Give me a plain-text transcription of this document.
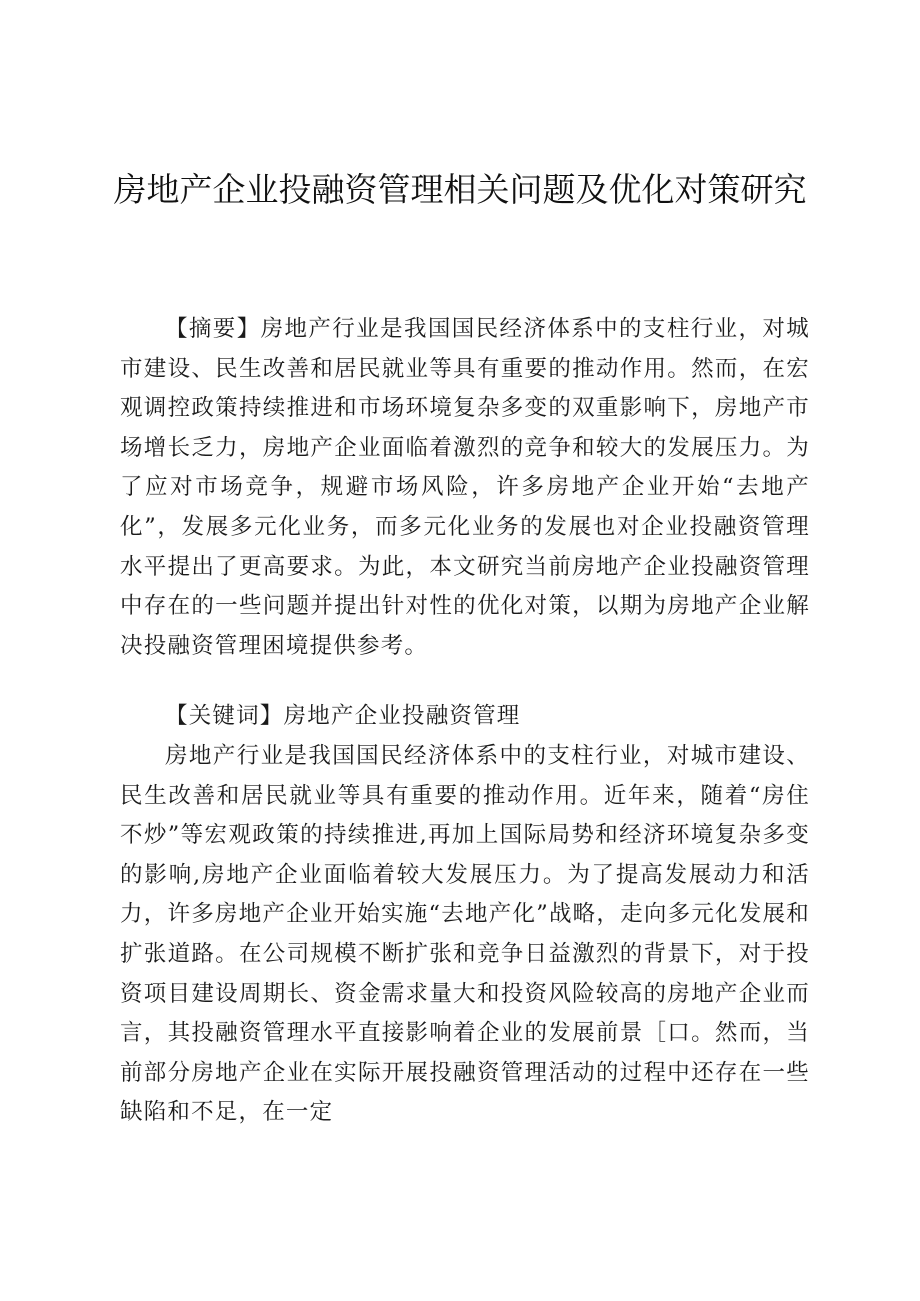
房地产企业投融资管理相关问题及优化对策研究

【摘要】房地产行业是我国国民经济体系中的支柱行业，对城市建设、民生改善和居民就业等具有重要的推动作用。然而，在宏观调控政策持续推进和市场环境复杂多变的双重影响下，房地产市场增长乏力，房地产企业面临着激烈的竞争和较大的发展压力。为了应对市场竞争，规避市场风险，许多房地产企业开始“去地产化”，发展多元化业务，而多元化业务的发展也对企业投融资管理水平提出了更高要求。为此，本文研究当前房地产企业投融资管理中存在的一些问题并提出针对性的优化对策，以期为房地产企业解决投融资管理困境提供参考。

【关键词】房地产企业投融资管理

房地产行业是我国国民经济体系中的支柱行业，对城市建设、民生改善和居民就业等具有重要的推动作用。近年来，随着“房住不炒”等宏观政策的持续推进,再加上国际局势和经济环境复杂多变的影响,房地产企业面临着较大发展压力。为了提高发展动力和活力，许多房地产企业开始实施“去地产化”战略，走向多元化发展和扩张道路。在公司规模不断扩张和竞争日益激烈的背景下，对于投资项目建设周期长、资金需求量大和投资风险较高的房地产企业而言，其投融资管理水平直接影响着企业的发展前景［口。然而，当前部分房地产企业在实际开展投融资管理活动的过程中还存在一些缺陷和不足，在一定
